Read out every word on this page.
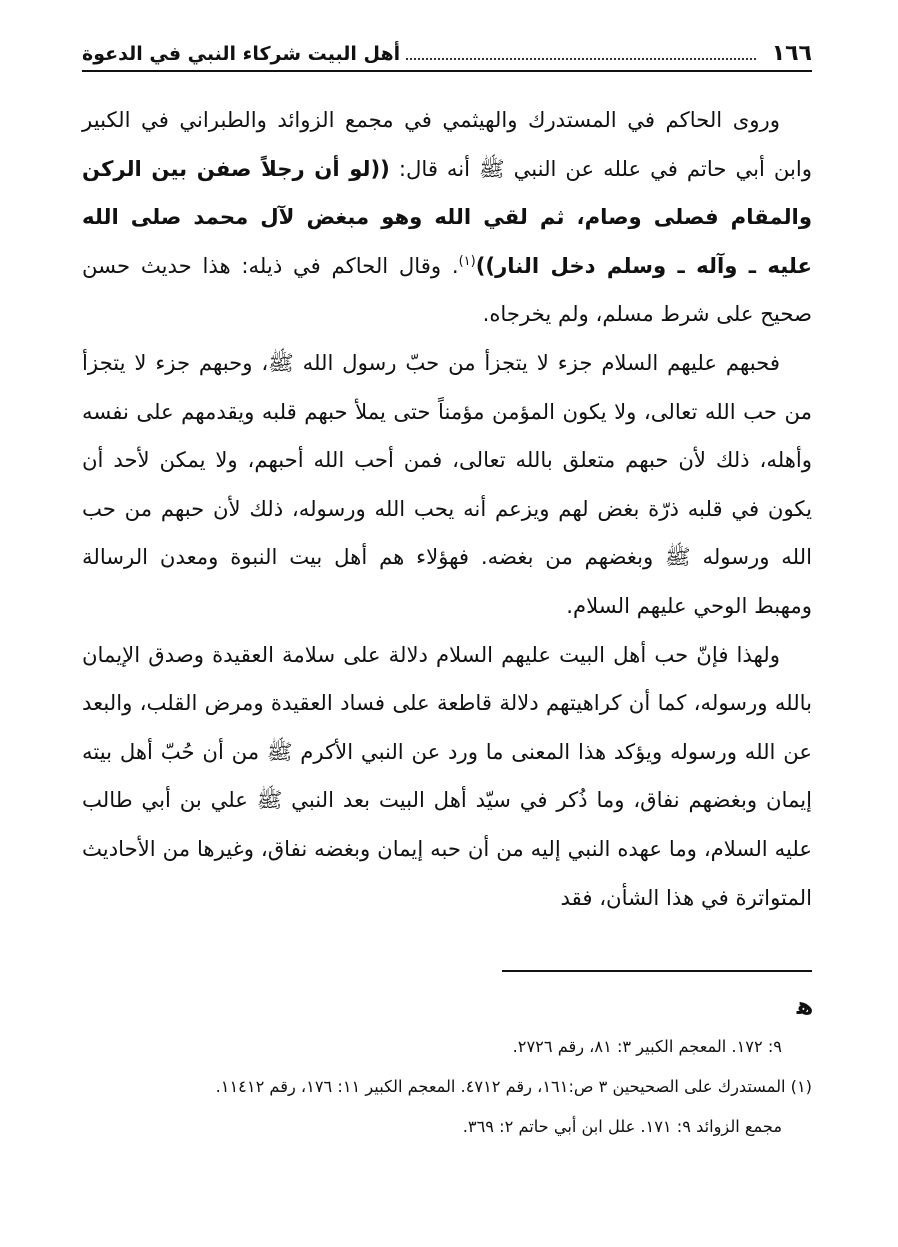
١٦٦
أهل البيت شركاء النبي في الدعوة

وروى الحاكم في المستدرك والهيثمي في مجمع الزوائد والطبراني في الكبير وابن أبي حاتم في علله عن النبي ﷺ أنه قال: ((لو أن رجلاً صفن بين الركن والمقام فصلى وصام، ثم لقي الله وهو مبغض لآل محمد صلى الله عليه ـ وآله ـ وسلم دخل النار))$^{(١)}$. وقال الحاكم في ذيله: هذا حديث حسن صحيح على شرط مسلم، ولم يخرجاه.

فحبهم عليهم السلام جزء لا يتجزأ من حبّ رسول الله ﷺ، وحبهم جزء لا يتجزأ من حب الله تعالى، ولا يكون المؤمن مؤمناً حتى يملأ حبهم قلبه ويقدمهم على نفسه وأهله، ذلك لأن حبهم متعلق بالله تعالى، فمن أحب الله أحبهم، ولا يمكن لأحد أن يكون في قلبه ذرّة بغض لهم ويزعم أنه يحب الله ورسوله، ذلك لأن حبهم من حب الله ورسوله ﷺ وبغضهم من بغضه. فهؤلاء هم أهل بيت النبوة ومعدن الرسالة ومهبط الوحي عليهم السلام.

ولهذا فإنّ حب أهل البيت عليهم السلام دلالة على سلامة العقيدة وصدق الإيمان بالله ورسوله، كما أن كراهيتهم دلالة قاطعة على فساد العقيدة ومرض القلب، والبعد عن الله ورسوله ويؤكد هذا المعنى ما ورد عن النبي الأكرم ﷺ من أن حُبّ أهل بيته إيمان وبغضهم نفاق، وما ذُكر في سيّد أهل البيت بعد النبي ﷺ علي بن أبي طالب عليه السلام، وما عهده النبي إليه من أن حبه إيمان وبغضه نفاق، وغيرها من الأحاديث المتواترة في هذا الشأن، فقد

ﻫ

٩: ١٧٢. المعجم الكبير ٣: ٨١، رقم ٢٧٢٦.

(١) المستدرك على الصحيحين ٣ ص:١٦١، رقم ٤٧١٢. المعجم الكبير ١١: ١٧٦، رقم ١١٤١٢.

مجمع الزوائد ٩: ١٧١. علل ابن أبي حاتم ٢: ٣٦٩.
